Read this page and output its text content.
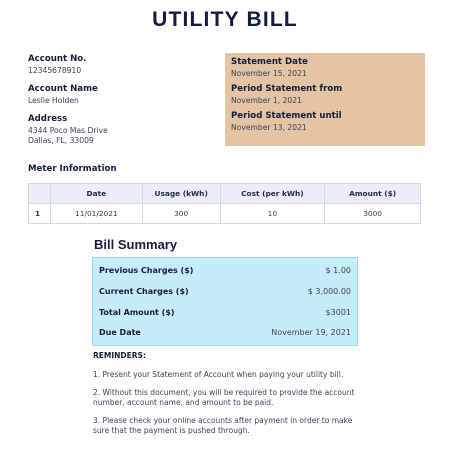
UTILITY BILL
Account No.
12345678910
Account Name
Leslie Holden
Address
4344 Poco Mas Drive
Dallas, FL, 33009
Statement Date
November 15, 2021
Period Statement from
November 1, 2021
Period Statement until
November 13, 2021
Meter Information
	Date	Usage (kWh)	Cost (per kWh)	Amount ($)
1	11/01/2021	300	10	3000
Bill Summary
Previous Charges ($)	$ 1.00
Current Charges ($)	$ 3,000.00
Total Amount ($)	$3001
Due Date	November 19, 2021
REMINDERS:

1. Present your Statement of Account when paying your utility bill.

2. Without this document, you will be required to provide the account number, account name, and amount to be paid.

3. Please check your online accounts after payment in order to make sure that the payment is pushed through.
